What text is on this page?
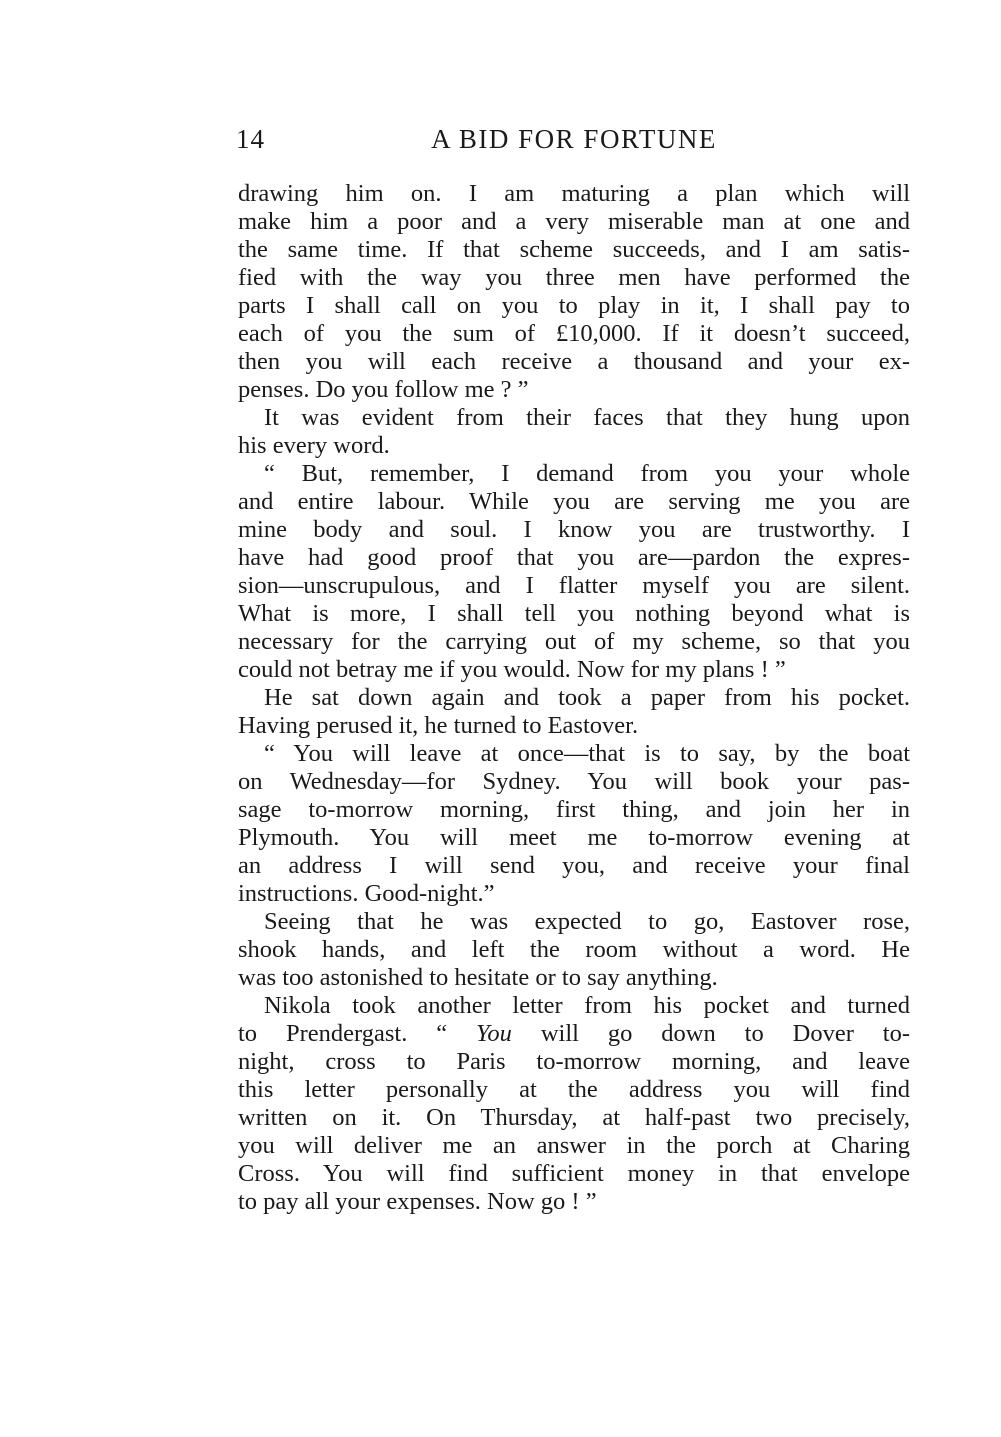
14	A BID FOR FORTUNE
drawing him on. I am maturing a plan which will
make him a poor and a very miserable man at one and
the same time. If that scheme succeeds, and I am satis-
fied with the way you three men have performed the
parts I shall call on you to play in it, I shall pay to
each of you the sum of £10,000. If it doesn’t succeed,
then you will each receive a thousand and your ex-
penses. Do you follow me ? ”
It was evident from their faces that they hung upon
his every word.
“ But, remember, I demand from you your whole
and entire labour. While you are serving me you are
mine body and soul. I know you are trustworthy. I
have had good proof that you are—pardon the expres-
sion—unscrupulous, and I flatter myself you are silent.
What is more, I shall tell you nothing beyond what is
necessary for the carrying out of my scheme, so that you
could not betray me if you would. Now for my plans ! ”
He sat down again and took a paper from his pocket.
Having perused it, he turned to Eastover.
“ You will leave at once—that is to say, by the boat
on Wednesday—for Sydney. You will book your pas-
sage to-morrow morning, first thing, and join her in
Plymouth. You will meet me to-morrow evening at
an address I will send you, and receive your final
instructions. Good-night.”
Seeing that he was expected to go, Eastover rose,
shook hands, and left the room without a word. He
was too astonished to hesitate or to say anything.
Nikola took another letter from his pocket and turned
to Prendergast. “ You will go down to Dover to-
night, cross to Paris to-morrow morning, and leave
this letter personally at the address you will find
written on it. On Thursday, at half-past two precisely,
you will deliver me an answer in the porch at Charing
Cross. You will find sufficient money in that envelope
to pay all your expenses. Now go ! ”
